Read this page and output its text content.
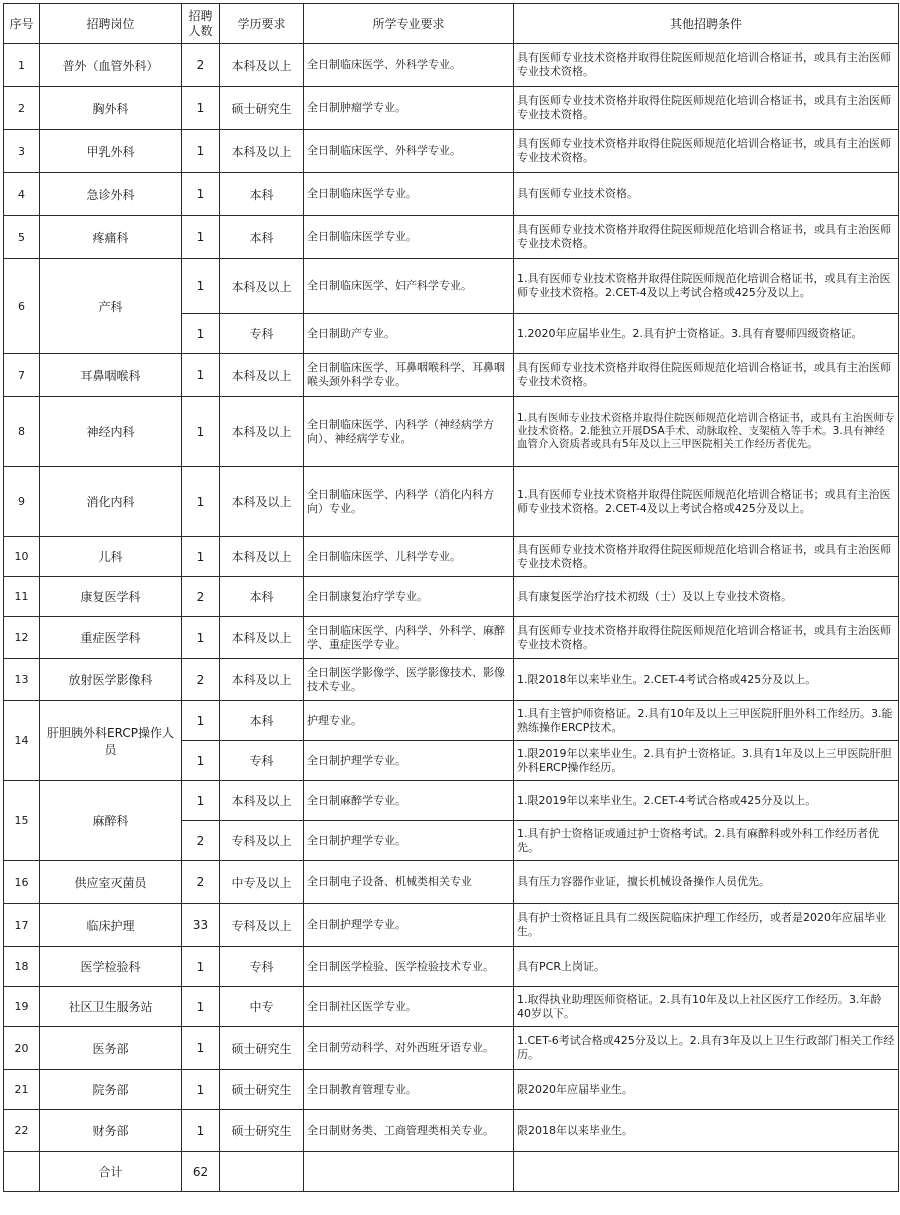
序号	招聘岗位	招聘人数	学历要求	所学专业要求	其他招聘条件
1	普外（血管外科）	2	本科及以上	全日制临床医学、外科学专业。	具有医师专业技术资格并取得住院医师规范化培训合格证书，或具有主治医师专业技术资格。
2	胸外科	1	硕士研究生	全日制肿瘤学专业。	具有医师专业技术资格并取得住院医师规范化培训合格证书，或具有主治医师专业技术资格。
3	甲乳外科	1	本科及以上	全日制临床医学、外科学专业。	具有医师专业技术资格并取得住院医师规范化培训合格证书，或具有主治医师专业技术资格。
4	急诊外科	1	本科	全日制临床医学专业。	具有医师专业技术资格。
5	疼痛科	1	本科	全日制临床医学专业。	具有医师专业技术资格并取得住院医师规范化培训合格证书，或具有主治医师专业技术资格。
6	产科	1	本科及以上	全日制临床医学、妇产科学专业。	1.具有医师专业技术资格并取得住院医师规范化培训合格证书，或具有主治医师专业技术资格。2.CET-4及以上考试合格或425分及以上。
		1	专科	全日制助产专业。	1.2020年应届毕业生。2.具有护士资格证。3.具有育婴师四级资格证。
7	耳鼻咽喉科	1	本科及以上	全日制临床医学、耳鼻咽喉科学、耳鼻咽喉头颈外科学专业。	具有医师专业技术资格并取得住院医师规范化培训合格证书，或具有主治医师专业技术资格。
8	神经内科	1	本科及以上	全日制临床医学、内科学（神经病学方向）、神经病学专业。	1.具有医师专业技术资格并取得住院医师规范化培训合格证书，或具有主治医师专业技术资格。2.能独立开展DSA手术、动脉取栓、支架植入等手术。3.具有神经血管介入资质者或具有5年及以上三甲医院相关工作经历者优先。
9	消化内科	1	本科及以上	全日制临床医学、内科学（消化内科方向）专业。	1.具有医师专业技术资格并取得住院医师规范化培训合格证书；或具有主治医师专业技术资格。2.CET-4及以上考试合格或425分及以上。
10	儿科	1	本科及以上	全日制临床医学、儿科学专业。	具有医师专业技术资格并取得住院医师规范化培训合格证书，或具有主治医师专业技术资格。
11	康复医学科	2	本科	全日制康复治疗学专业。	具有康复医学治疗技术初级（士）及以上专业技术资格。
12	重症医学科	1	本科及以上	全日制临床医学、内科学、外科学、麻醉学、重症医学专业。	具有医师专业技术资格并取得住院医师规范化培训合格证书，或具有主治医师专业技术资格。
13	放射医学影像科	2	本科及以上	全日制医学影像学、医学影像技术、影像技术专业。	1.限2018年以来毕业生。2.CET-4考试合格或425分及以上。
14	肝胆胰外科ERCP操作人员	1	本科	护理专业。	1.具有主管护师资格证。2.具有10年及以上三甲医院肝胆外科工作经历。3.能熟练操作ERCP技术。
		1	专科	全日制护理学专业。	1.限2019年以来毕业生。2.具有护士资格证。3.具有1年及以上三甲医院肝胆外科ERCP操作经历。
15	麻醉科	1	本科及以上	全日制麻醉学专业。	1.限2019年以来毕业生。2.CET-4考试合格或425分及以上。
		2	专科及以上	全日制护理学专业。	1.具有护士资格证或通过护士资格考试。2.具有麻醉科或外科工作经历者优先。
16	供应室灭菌员	2	中专及以上	全日制电子设备、机械类相关专业	具有压力容器作业证，擅长机械设备操作人员优先。
17	临床护理	33	专科及以上	全日制护理学专业。	具有护士资格证且具有二级医院临床护理工作经历，或者是2020年应届毕业生。
18	医学检验科	1	专科	全日制医学检验、医学检验技术专业。	具有PCR上岗证。
19	社区卫生服务站	1	中专	全日制社区医学专业。	1.取得执业助理医师资格证。2.具有10年及以上社区医疗工作经历。3.年龄40岁以下。
20	医务部	1	硕士研究生	全日制劳动科学、对外西班牙语专业。	1.CET-6考试合格或425分及以上。2.具有3年及以上卫生行政部门相关工作经历。
21	院务部	1	硕士研究生	全日制教育管理专业。	限2020年应届毕业生。
22	财务部	1	硕士研究生	全日制财务类、工商管理类相关专业。	限2018年以来毕业生。
	合计	62			
